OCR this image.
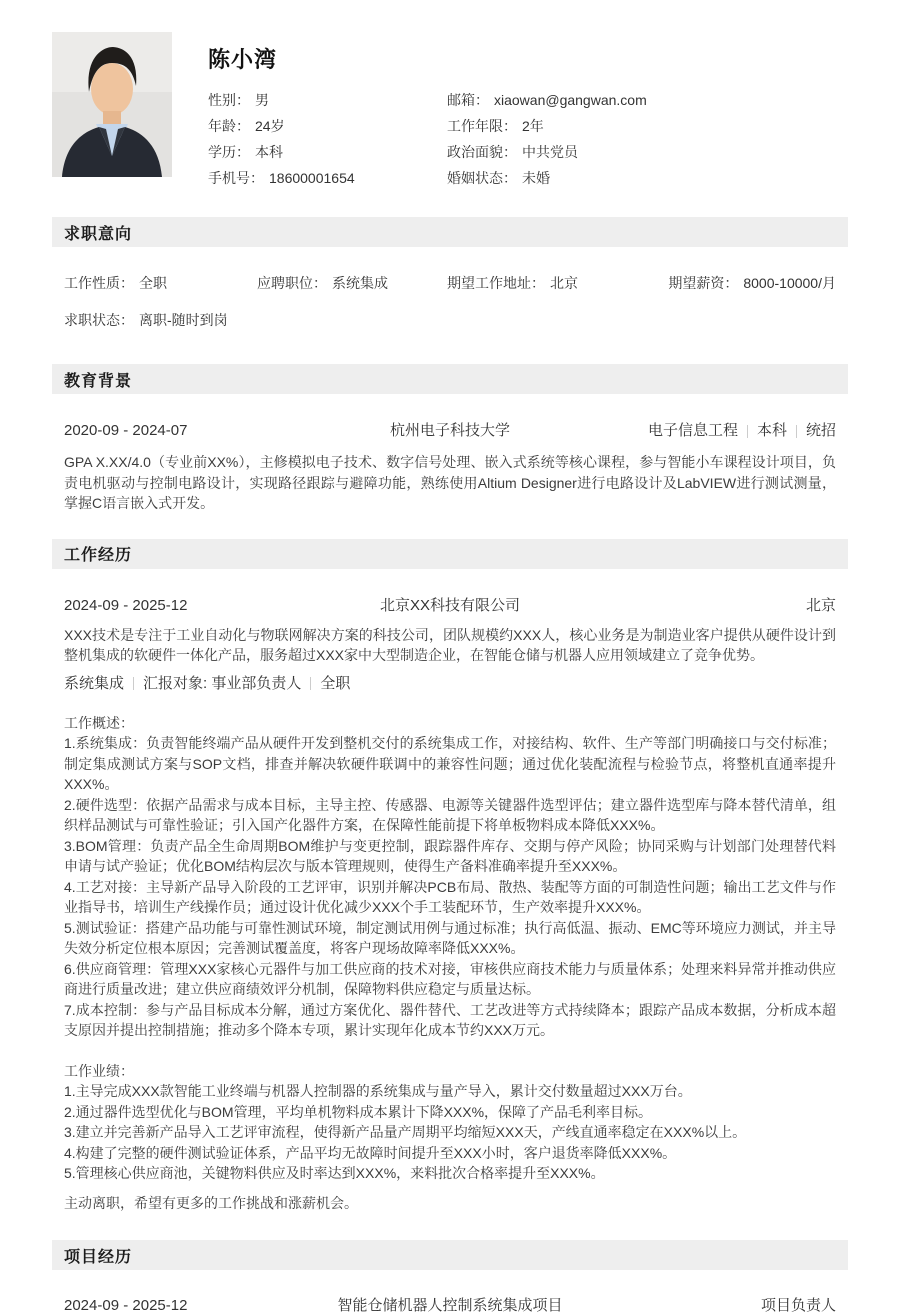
陈小湾
性别： 男	邮箱： xiaowan@gangwan.com
年龄： 24岁	工作年限： 2年
学历： 本科	政治面貌： 中共党员
手机号： 18600001654	婚姻状态： 未婚
求职意向
工作性质： 全职	应聘职位： 系统集成	期望工作地址： 北京	期望薪资： 8000-10000/月
求职状态： 离职-随时到岗
教育背景
2020-09 - 2024-07	杭州电子科技大学	电子信息工程 本科 统招

GPA X.XX/4.0（专业前XX%），主修模拟电子技术、数字信号处理、嵌入式系统等核心课程，参与智能小车课程设计项目，负责电机驱动与控制电路设计，实现路径跟踪与避障功能，熟练使用Altium Designer进行电路设计及LabVIEW进行测试测量，掌握C语言嵌入式开发。

工作经历
2024-09 - 2025-12	北京XX科技有限公司	北京

XXX技术是专注于工业自动化与物联网解决方案的科技公司，团队规模约XXX人，核心业务是为制造业客户提供从硬件设计到整机集成的软硬件一体化产品，服务超过XXX家中大型制造企业，在智能仓储与机器人应用领域建立了竞争优势。

系统集成 汇报对象: 事业部负责人 全职
工作概述：
1.系统集成：负责智能终端产品从硬件开发到整机交付的系统集成工作，对接结构、软件、生产等部门明确接口与交付标准；制定集成测试方案与SOP文档，排查并解决软硬件联调中的兼容性问题；通过优化装配流程与检验节点，将整机直通率提升XXX%。
2.硬件选型：依据产品需求与成本目标，主导主控、传感器、电源等关键器件选型评估；建立器件选型库与降本替代清单，组织样品测试与可靠性验证；引入国产化器件方案，在保障性能前提下将单板物料成本降低XXX%。
3.BOM管理：负责产品全生命周期BOM维护与变更控制，跟踪器件库存、交期与停产风险；协同采购与计划部门处理替代料申请与试产验证；优化BOM结构层次与版本管理规则，使得生产备料准确率提升至XXX%。
4.工艺对接：主导新产品导入阶段的工艺评审，识别并解决PCB布局、散热、装配等方面的可制造性问题；输出工艺文件与作业指导书，培训生产线操作员；通过设计优化减少XXX个手工装配环节，生产效率提升XXX%。
5.测试验证：搭建产品功能与可靠性测试环境，制定测试用例与通过标准；执行高低温、振动、EMC等环境应力测试，并主导失效分析定位根本原因；完善测试覆盖度，将客户现场故障率降低XXX%。
6.供应商管理：管理XXX家核心元器件与加工供应商的技术对接，审核供应商技术能力与质量体系；处理来料异常并推动供应商进行质量改进；建立供应商绩效评分机制，保障物料供应稳定与质量达标。
7.成本控制：参与产品目标成本分解，通过方案优化、器件替代、工艺改进等方式持续降本；跟踪产品成本数据，分析成本超支原因并提出控制措施；推动多个降本专项，累计实现年化成本节约XXX万元。
工作业绩：
1.主导完成XXX款智能工业终端与机器人控制器的系统集成与量产导入，累计交付数量超过XXX万台。
2.通过器件选型优化与BOM管理，平均单机物料成本累计下降XXX%，保障了产品毛利率目标。
3.建立并完善新产品导入工艺评审流程，使得新产品量产周期平均缩短XXX天，产线直通率稳定在XXX%以上。
4.构建了完整的硬件测试验证体系，产品平均无故障时间提升至XXX小时，客户退货率降低XXX%。
5.管理核心供应商池，关键物料供应及时率达到XXX%，来料批次合格率提升至XXX%。

主动离职，希望有更多的工作挑战和涨薪机会。

项目经历
2024-09 - 2025-12	智能仓储机器人控制系统集成项目	项目负责人
